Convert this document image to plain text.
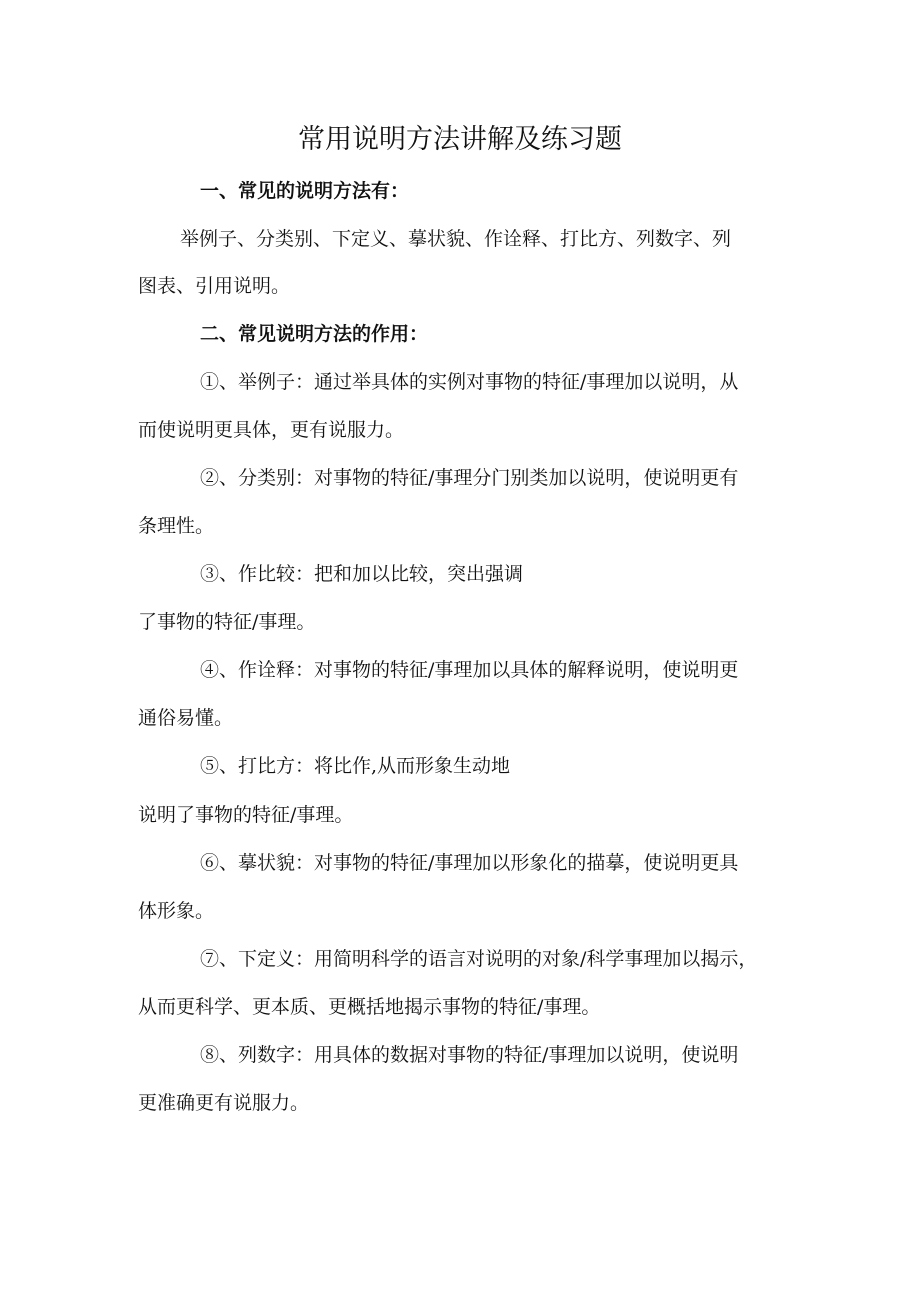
常用说明方法讲解及练习题
一、常见的说明方法有：
举例子、分类别、下定义、摹状貌、作诠释、打比方、列数字、列
图表、引用说明。
二、常见说明方法的作用：
①、举例子：通过举具体的实例对事物的特征/事理加以说明，从
而使说明更具体，更有说服力。
②、分类别：对事物的特征/事理分门别类加以说明，使说明更有
条理性。
③、作比较：把和加以比较，突出强调
了事物的特征/事理。
④、作诠释：对事物的特征/事理加以具体的解释说明，使说明更
通俗易懂。
⑤、打比方：将比作,从而形象生动地
说明了事物的特征/事理。
⑥、摹状貌：对事物的特征/事理加以形象化的描摹，使说明更具
体形象。
⑦、下定义：用简明科学的语言对说明的对象/科学事理加以揭示，
从而更科学、更本质、更概括地揭示事物的特征/事理。
⑧、列数字：用具体的数据对事物的特征/事理加以说明，使说明
更准确更有说服力。
